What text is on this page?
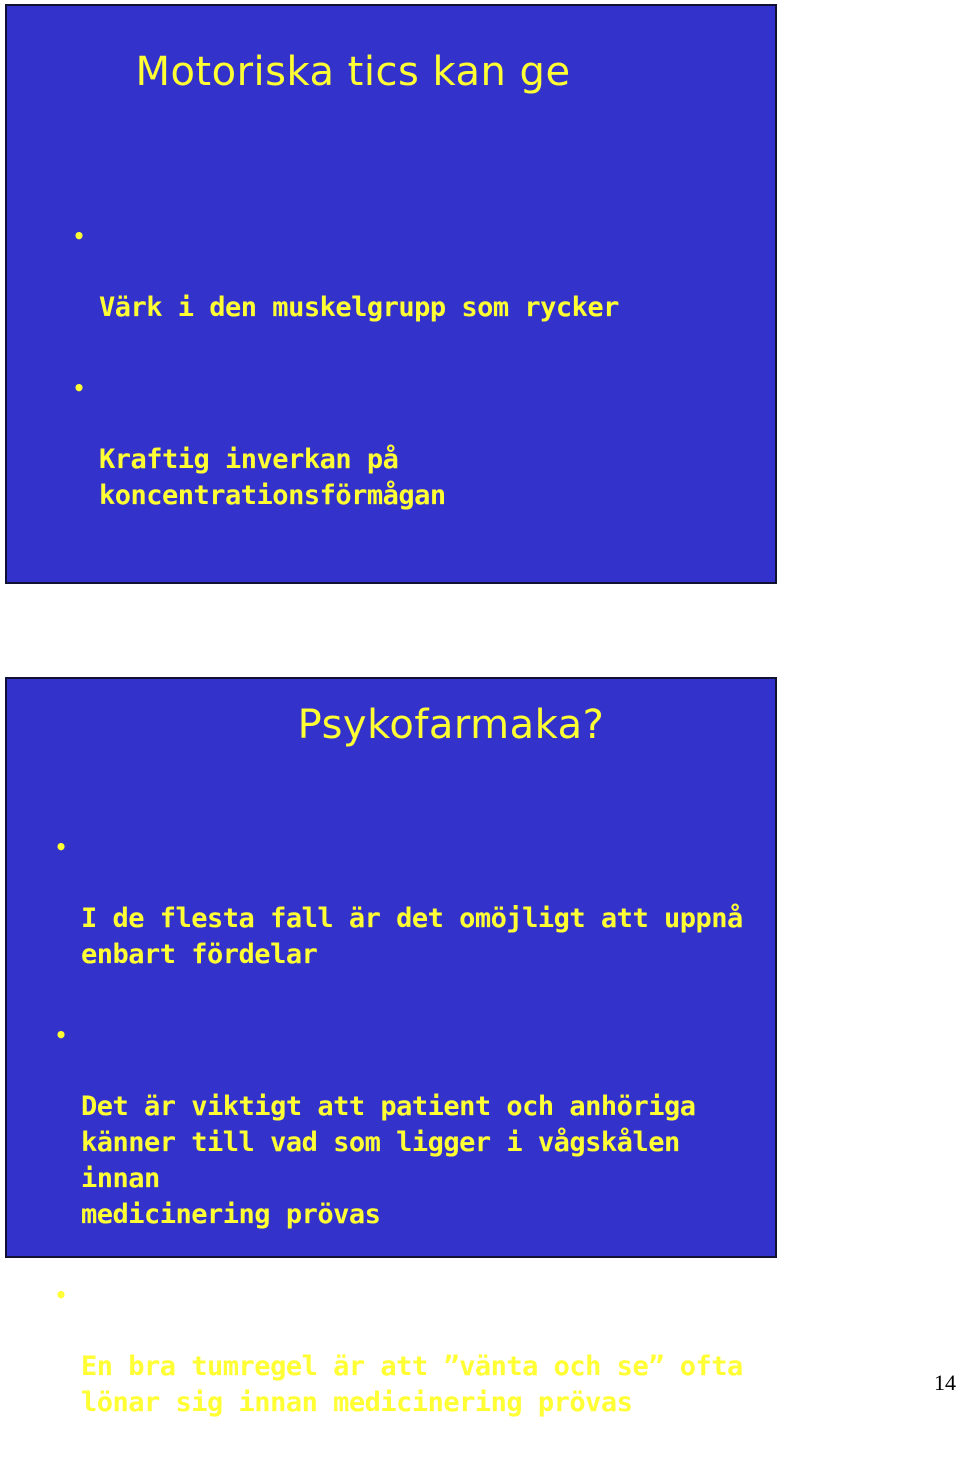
Motoriska tics kan ge

•

Värk i den muskelgrupp som rycker

•

Kraftig inverkan på
koncentrationsförmågan

Psykofarmaka?

•

I de flesta fall är det omöjligt att uppnå
enbart fördelar

•

Det är viktigt att patient och anhöriga
känner till vad som ligger i vågskålen innan
medicinering prövas

•

En bra tumregel är att ”vänta och se” ofta
lönar sig innan medicinering prövas

14
